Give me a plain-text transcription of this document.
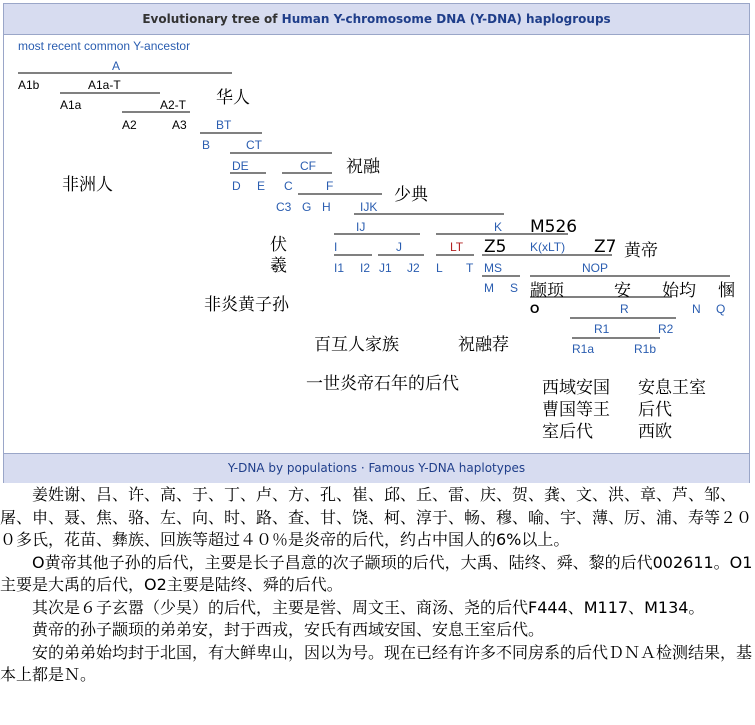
Evolutionary tree of Human Y-chromosome DNA (Y-DNA) haplogroups
Y-DNA by populations · Famous Y-DNA haplotypes
most recent common Y-ancestor
A
A1b	A1a-T
A1a	A2-T
A2	A3 BT
B	CT
DE	CF
D E C	F
C3 G H IJK
IJ	K
I	J	LT Z5 K(xLT) Z7
M526
I1 I2 J1 J2 L T MS	NOP
M S
O	R	N Q
R1	R2
R1a	R1b
华人
祝融
非洲人	少典
伏
羲
黄帝
非炎黄子孙
颛顼	安 始均 㥵
百互人家族	祝融荐
一世炎帝石年的后代	西域安国
曹国等王
室后代
安息王室
后代
西欧

　　姜姓谢、吕、许、高、于、丁、卢、方、孔、崔、邱、丘、雷、庆、贺、龚、文、洪、章、芦、邹、屠、申、聂、焦、骆、左、向、时、路、查、甘、饶、柯、淳于、畅、穆、喻、宇、薄、厉、浦、寿等２００多氏，花苗、彝族、回族等超过４０％是炎帝的后代，约占中国人的6%以上。

　　O黄帝其他子孙的后代，主要是长子昌意的次子颛顼的后代，大禹、陆终、舜、黎的后代002611。O1主要是大禹的后代，O2主要是陆终、舜的后代。

　　其次是６子玄嚣（少昊）的后代，主要是喾、周文王、商汤、尧的后代F444、M117、M134。

　　黄帝的孙子颛顼的弟弟安，封于西戎，安氏有西域安国、安息王室后代。

　　安的弟弟始均封于北国，有大鲜卑山，因以为号。现在已经有许多不同房系的后代ＤＮＡ检测结果，基本上都是Ｎ。
